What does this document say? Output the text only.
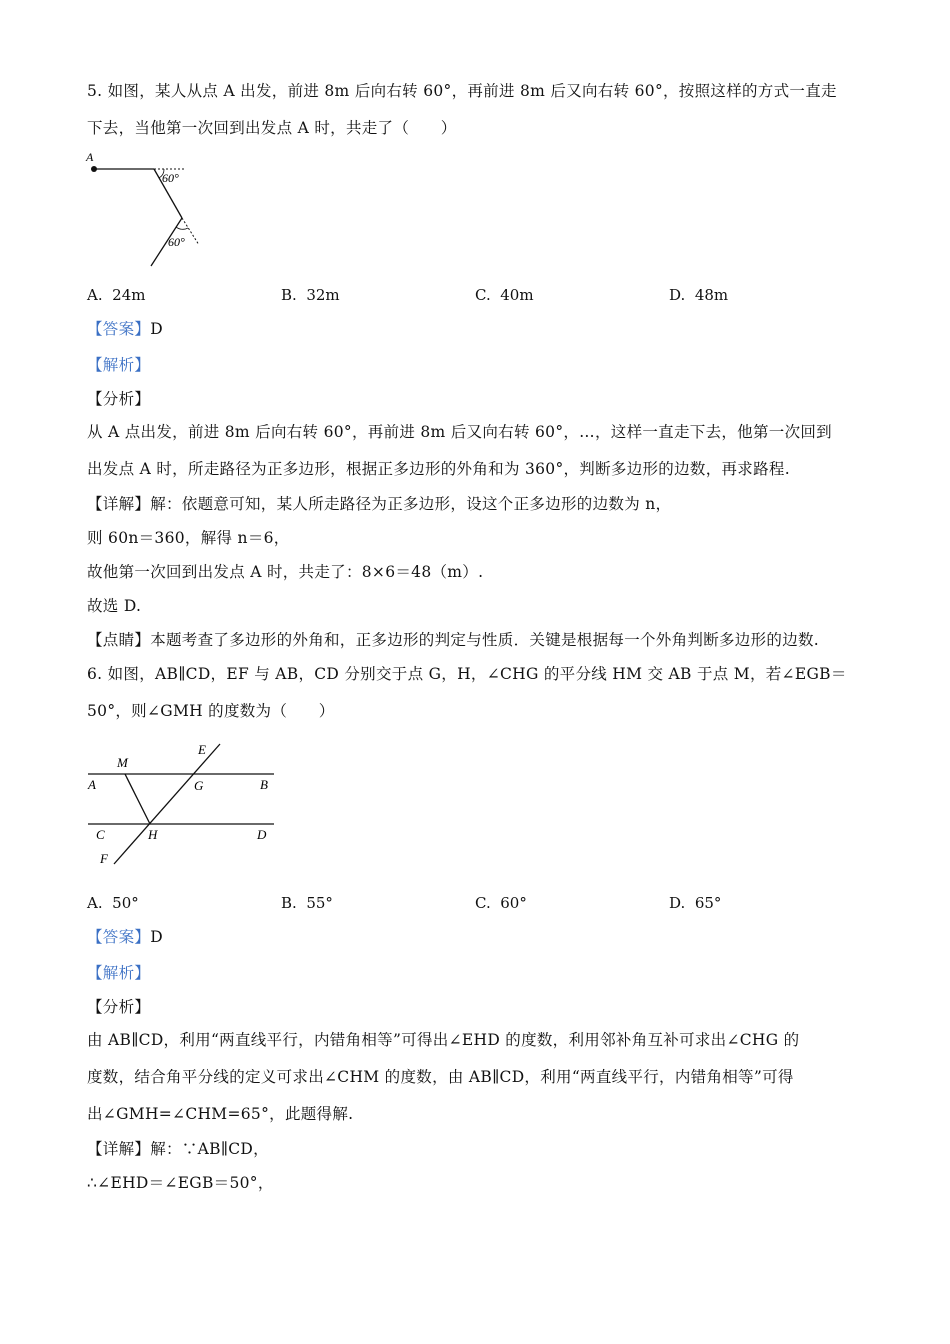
5. 如图，某人从点 A 出发，前进 8m 后向右转 60°，再前进 8m 后又向右转 60°，按照这样的方式一直走
下去，当他第一次回到出发点 A 时，共走了（　　）
A
60°
60°
A. 24m	B. 32m	C. 40m	D. 48m
【答案】D
【解析】
【分析】
从 A 点出发，前进 8m 后向右转 60°，再前进 8m 后又向右转 60°，…，这样一直走下去，他第一次回到
出发点 A 时，所走路径为正多边形，根据正多边形的外角和为 360°，判断多边形的边数，再求路程.
【详解】解：依题意可知，某人所走路径为正多边形，设这个正多边形的边数为 n，
则 60n＝360，解得 n＝6，
故他第一次回到出发点 A 时，共走了：8×6＝48（m）.
故选 D.
【点睛】本题考查了多边形的外角和，正多边形的判定与性质．关键是根据每一个外角判断多边形的边数.
6. 如图，AB∥CD，EF 与 AB，CD 分别交于点 G，H，∠CHG 的平分线 HM 交 AB 于点 M，若∠EGB＝
50°，则∠GMH 的度数为（　　）
E
M
A	G	B
C	H	D
F
A. 50°	B. 55°	C. 60°	D. 65°
【答案】D
【解析】
【分析】
由 AB∥CD，利用“两直线平行，内错角相等”可得出∠EHD 的度数，利用邻补角互补可求出∠CHG 的
度数，结合角平分线的定义可求出∠CHM 的度数，由 AB∥CD，利用“两直线平行，内错角相等”可得
出∠GMH=∠CHM=65°，此题得解.
【详解】解：∵AB∥CD，
∴∠EHD＝∠EGB＝50°，
